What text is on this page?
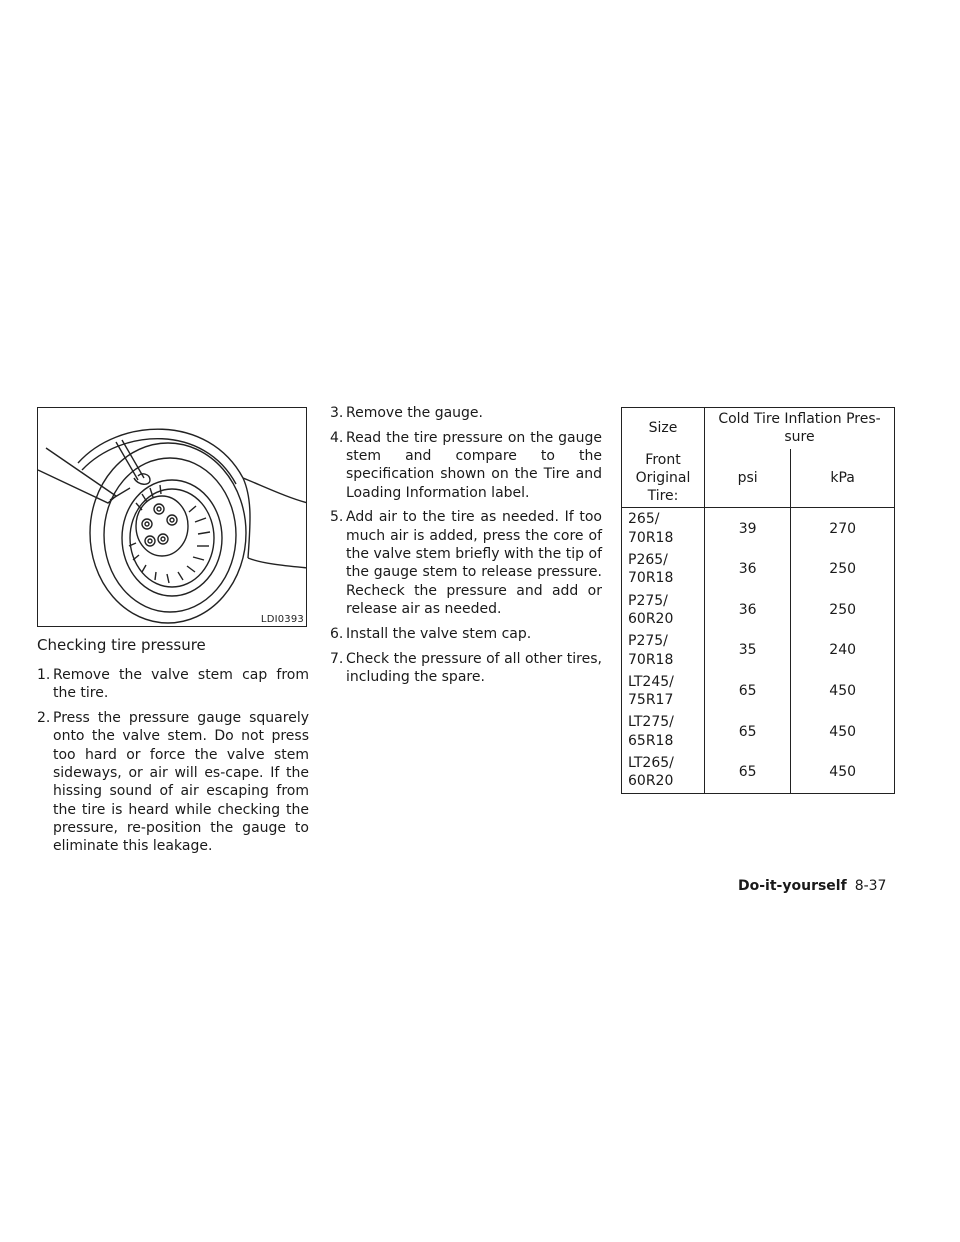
LDI0393
Checking tire pressure
1. Remove the valve stem cap from the tire.
2. Press the pressure gauge squarely onto the valve stem. Do not press too hard or force the valve stem sideways, or air will es-cape. If the hissing sound of air escaping from the tire is heard while checking the pressure, re-position the gauge to eliminate this leakage.
3. Remove the gauge.
4. Read the tire pressure on the gauge stem and compare to the specification shown on the Tire and Loading Information label.
5. Add air to the tire as needed. If too much air is added, press the core of the valve stem briefly with the tip of the gauge stem to release pressure. Recheck the pressure and add or release air as needed.
6. Install the valve stem cap.
7. Check the pressure of all other tires, including the spare.
Size	Cold Tire Inflation Pres-sure	
Front Original Tire:	psi	kPa
265/ 70R18	39	270
P265/ 70R18	36	250
P275/ 60R20	36	250
P275/ 70R18	35	240
LT245/ 75R17	65	450
LT275/ 65R18	65	450
LT265/ 60R20	65	450
Do-it-yourself 8-37
